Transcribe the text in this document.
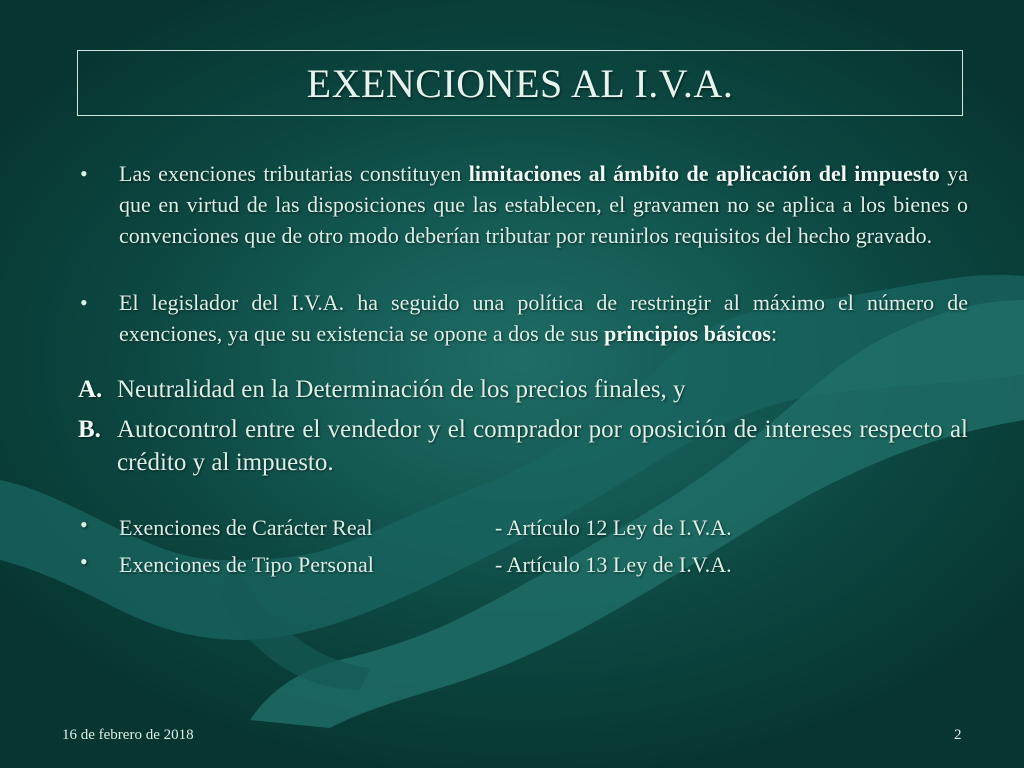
EXENCIONES AL I.V.A.
•	Las exenciones tributarias constituyen limitaciones al ámbito de aplicación del impuesto ya que en virtud de las disposiciones que las establecen, el gravamen no se aplica a los bienes o convenciones que de otro modo deberían tributar por reunirlos requisitos del hecho gravado.
•	El legislador del I.V.A. ha seguido una política de restringir al máximo el número de exenciones, ya que su existencia se opone a dos de sus principios básicos:
A. Neutralidad en la Determinación de los precios finales, y
B. Autocontrol entre el vendedor y el comprador por oposición de intereses respecto al crédito y al impuesto.
•	Exenciones de Carácter Real	- Artículo 12 Ley de I.V.A.
•	Exenciones de Tipo Personal	- Artículo 13 Ley de I.V.A.
16 de febrero de 2018	2
